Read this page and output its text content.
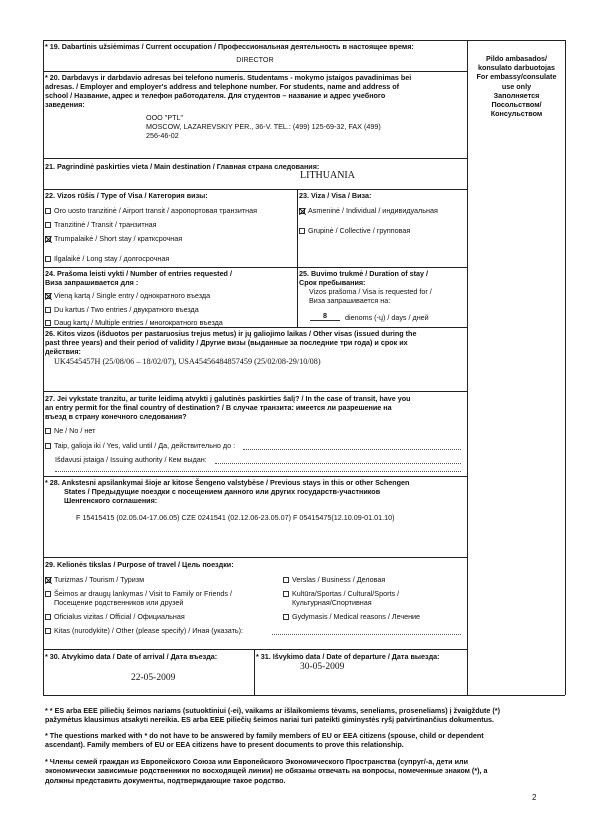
Pildo ambasados/
konsulato darbuotojas
For embassy/consulate
use only
Заполняется
Посольством/
Консульством
* 19. Dabartinis užsiėmimas / Current occupation / Профессиональная деятельность в настоящее время:
DIRECTOR
* 20. Darbdavys ir darbdavio adresas bei telefono numeris. Studentams - mokymo įstaigos pavadinimas bei
adresas. / Employer and employer's address and telephone number. For students, name and address of
school / Название, адрес и телефон работодателя. Для студентов – название и адрес учебного
заведения:
OOO "PTL"
MOSCOW, LAZAREVSKIY PER., 36-V. TEL.: (499) 125-69-32, FAX (499)
256-46-02
21. Pagrindinė paskirties vieta / Main destination / Главная страна следования:
LITHUANIA
22. Vizos rūšis / Type of Visa / Категория визы:
Oro uosto tranzitinė / Airport transit / аэропортовая транзитная
Tranzitinė / Transit / транзитная
Trumpalaikė / Short stay / кратксрочная
Ilgalaikė / Long stay / долгосрочная
23. Viza / Visa / Виза:
Asmeninė / Individual / индивидуальная
Grupinė / Collective / групповая
24. Prašoma leisti vykti / Number of entries requested /
Виза запрашивается для :
Vieną kartą / Single entry / однократного въезда
Du kartus / Two entries / двукратного въезда
Daug kartų / Multiple entries / многократного въезда
25. Buvimo trukmė / Duration of stay /
Срок пребывания:
Vizos prašoma / Visa is requested for /
Виза запрашивается на:
8	dienoms (-ų) / days / дней
26. Kitos vizos (išduotos per pastaruosius trejus metus) ir jų galiojimo laikas / Other visas (issued during the
past three years) and their period of validity / Другие визы (выданные за последние три года) и срок их
действия:
UK4545457H (25/08/06 – 18/02/07), USA45456484857459 (25/02/08-29/10/08)
27. Jei vykstate tranzitu, ar turite leidimą atvykti į galutinės paskirties šalį? / In the case of transit, have you
an entry permit for the final country of destination? / В случае транзита: имеется ли разрешение на
въезд в страну конечного следования?
Ne / No / нет
Taip, galioja iki / Yes, valid until / Да, действительно до :
Išdavusi įstaiga / Issuing authority / Кем выдан:
* 28. Ankstesni apsilankymai šioje ar kitose Šengeno valstybėse / Previous stays in this or other Schengen
States / Предыдущие поездки с посещением данного или других государств-участников
Шенгенского соглашения:
F 15415415 (02.05.04-17.06.05) CZE 0241541 (02.12.06-23.05.07) F 05415475(12.10.09-01.01.10)
29. Kelionės tikslas / Purpose of travel / Цель поездки:
Turizmas / Tourism / Туризм
Šeimos ar draugų lankymas / Visit to Family or Friends /
Посещение родственников или друзей
Oficialus vizitas / Official / Официальная
Kitas (nurodykite) / Other (please specify) / Иная (указать):
Verslas / Business / Деловая
Kultūra/Sportas / Cultural/Sports /
Культурная/Спортивная
Gydymasis / Medical reasons / Лечение
* 30. Atvykimo data / Date of arrival / Дата въезда:
22-05-2009
* 31. Išvykimo data / Date of departure / Дата выезда:
30-05-2009
* * ES arba EEE piliečių šeimos nariams (sutuoktiniui (-ei), vaikams ar išlaikomiems tėvams, seneliams, proseneliams) į žvaigždute (*)
pažymėtus klausimus atsakyti nereikia. ES arba EEE piliečių šeimos nariai turi pateikti giminystės ryšį patvirtinančius dokumentus.
* The questions marked with * do not have to be answered by family members of EU or EEA citizens (spouse, child or dependent
ascendant). Family members of EU or EEA citizens have to present documents to prove this relationship.
* Члены семей граждан из Европейского Союза или Европейского Экономического Пространства (супруг/-а, дети или
экономически зависимые родственники по восходящей линии) не обязаны отвечать на вопросы, помеченные знаком (*), а
должны представить документы, подтверждающие такое родство.
2
